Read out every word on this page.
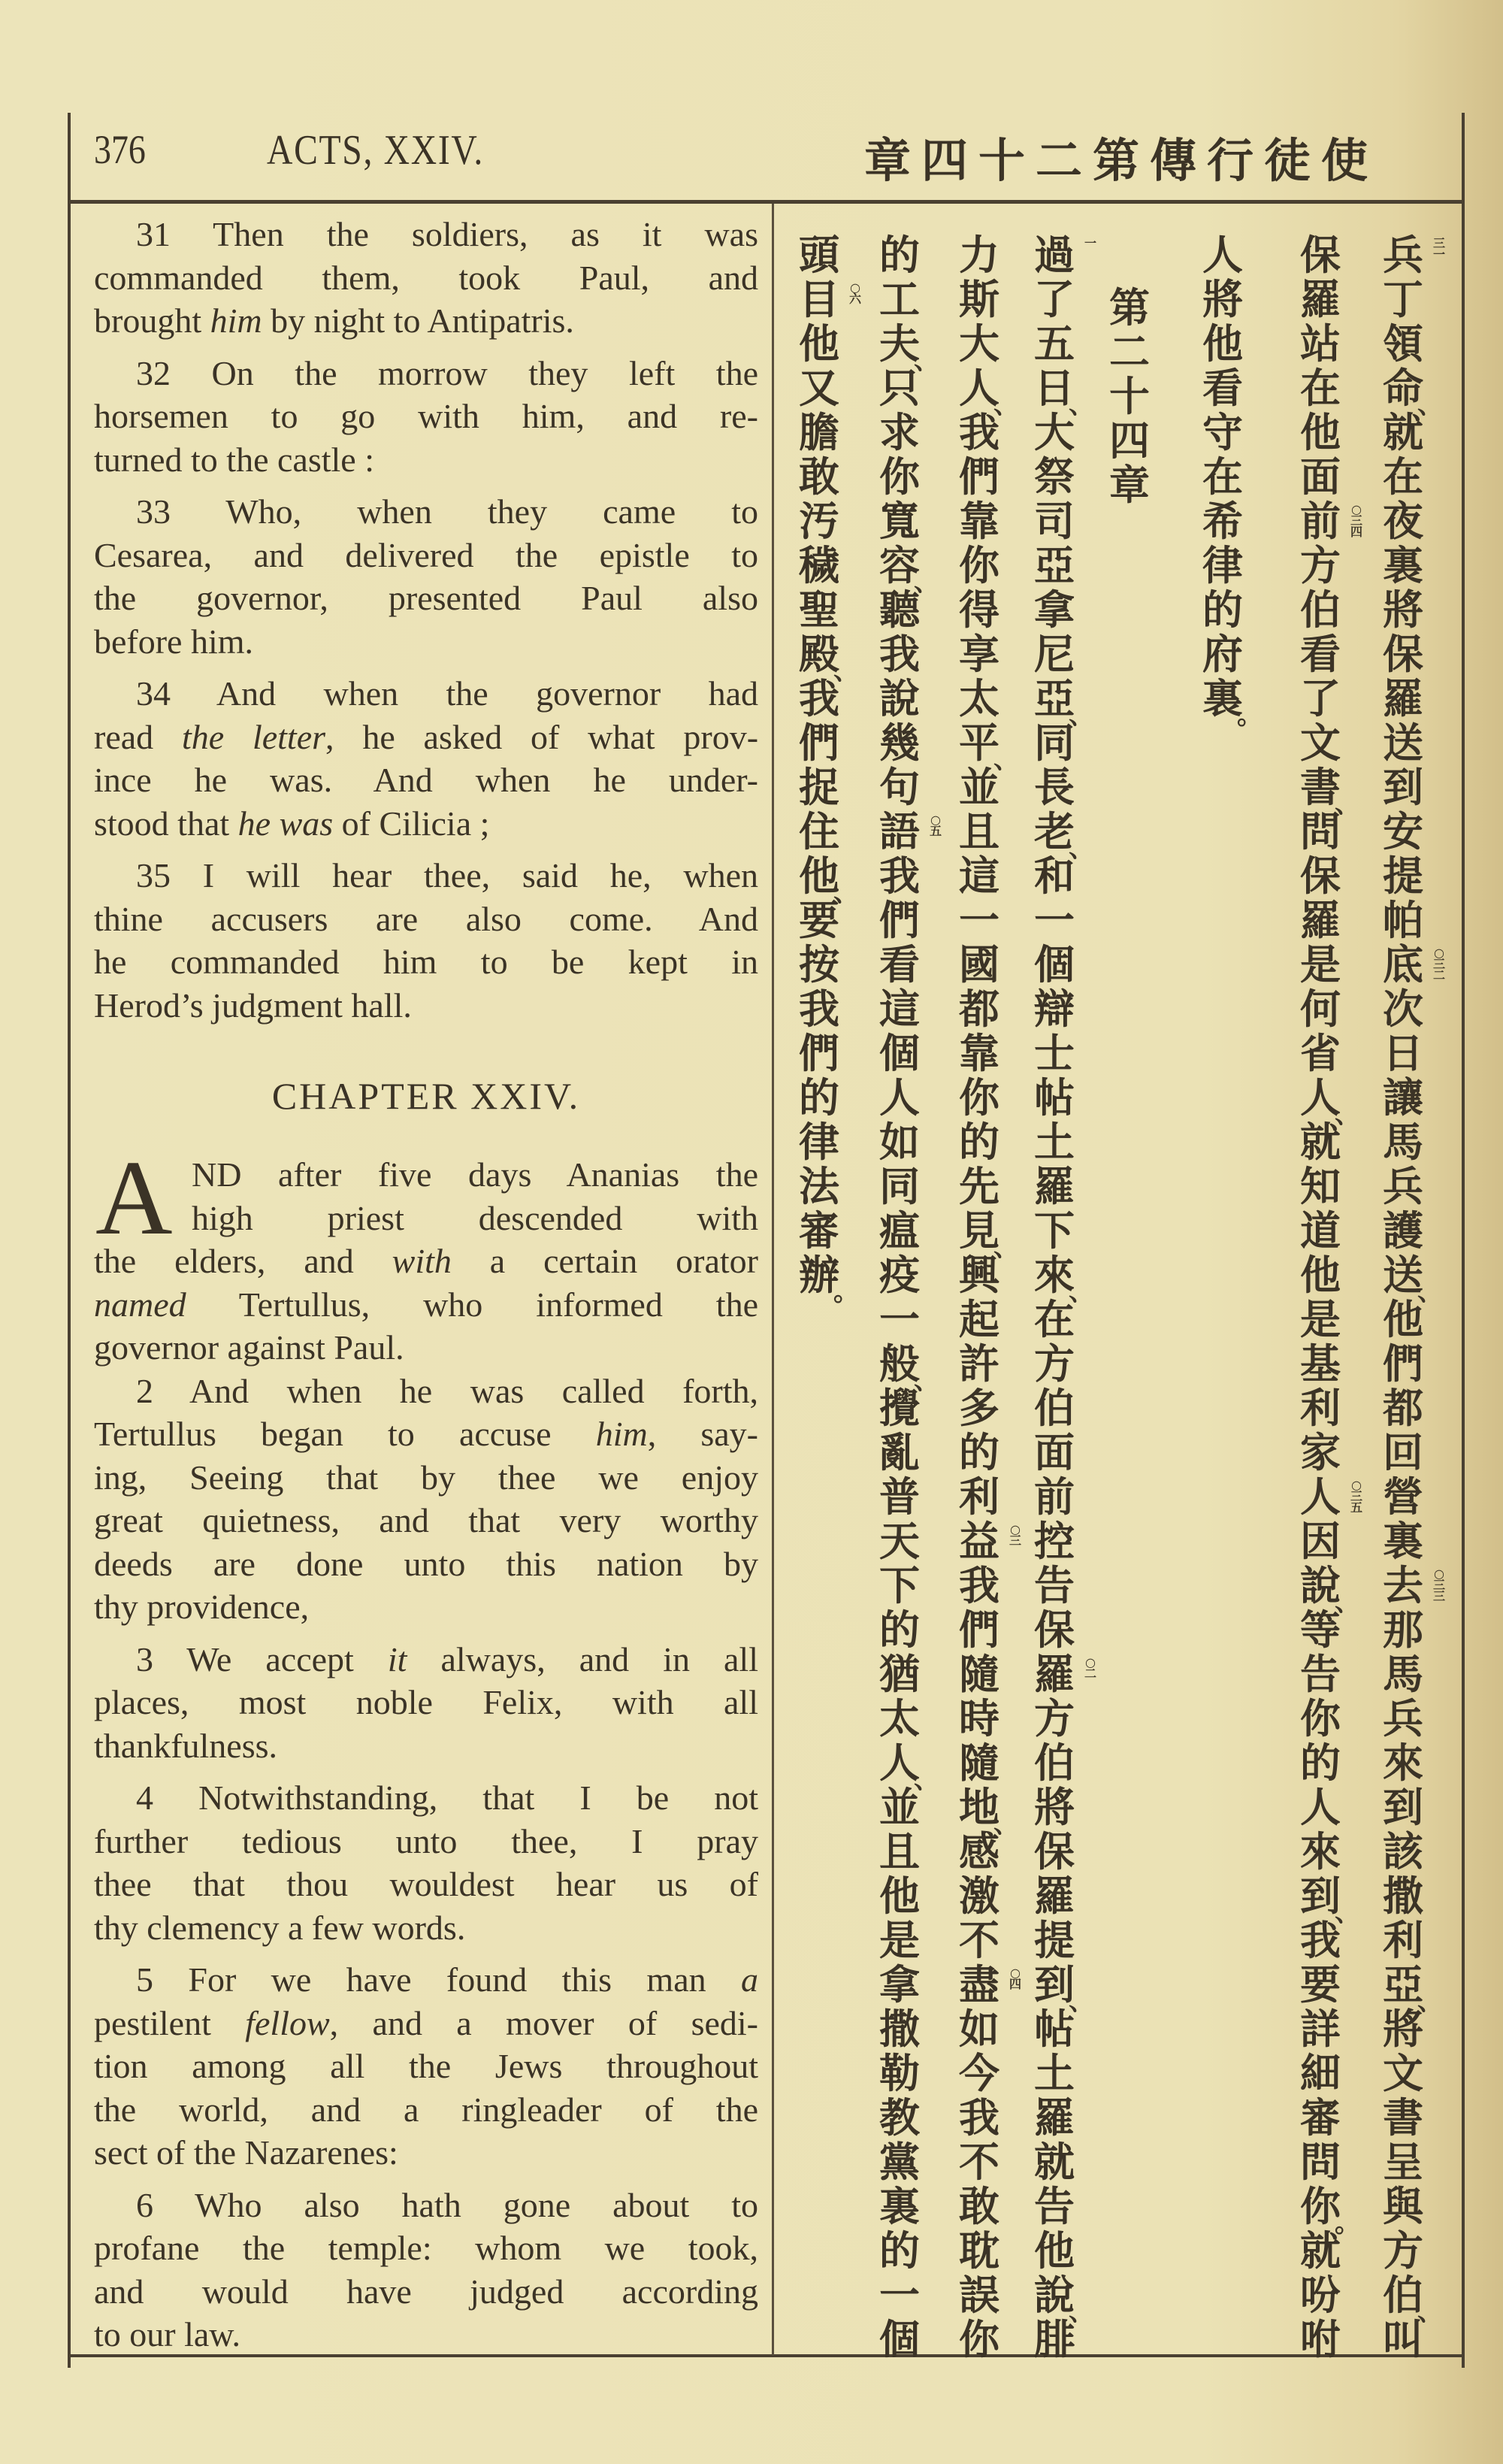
376	ACTS, XXIV.	使徒行傳第二十四章
31 Then the soldiers, as it was
commanded them, took Paul, and
brought him by night to Antipatris.
32 On the morrow they left the
horsemen to go with him, and re-
turned to the castle :
33 Who, when they came to
Cesarea, and delivered the epistle to
the governor, presented Paul also
before him.
34 And when the governor had
read the letter, he asked of what prov-
ince he was. And when he under-
stood that he was of Cilicia ;
35 I will hear thee, said he, when
thine accusers are also come. And
he commanded him to be kept in
Herod’s judgment hall.
CHAPTER XXIV.
A ND after five days Ananias the
high priest descended with
the elders, and with a certain orator
named Tertullus, who informed the
governor against Paul.
2 And when he was called forth,
Tertullus began to accuse him, say-
ing, Seeing that by thee we enjoy
great quietness, and that very worthy
deeds are done unto this nation by
thy providence,
3 We accept it always, and in all
places, most noble Felix, with all
thankfulness.
4 Notwithstanding, that I be not
further tedious unto thee, I pray
thee that thou wouldest hear us of
thy clemency a few words.
5 For we have found this man a
pestilent fellow, and a mover of sedi-
tion among all the Jews throughout
the world, and a ringleader of the
sect of the Nazarenes:
6 Who also hath gone about to
profane the temple: whom we took,
and would have judged according
to our law.
三一
兵
丁
領
命
、
就
在
夜
裏
將
保
羅
送
到
安
提
帕
底 ○三二
次
日
讓
馬
兵
護
送
、
他
們
都
回
營
裏
去 ○三三
那
馬
兵
來
到
該
撒
利
亞
、
將
文
書
呈
與
方
伯
、
叫
保
羅
站
在
他
面
前 ○三四
方
伯
看
了
文
書
、
問
保
羅
是
何
省
人
、
就
知
道
他
是
基
利
家
人 ○三五
因
說
、
等
告
你
的
人
來
到
、
我
要
詳
細
審
問
你
。
就
吩
咐
人
將
他
看
守
在
希
律
的
府
裏
。
第
二
十
四
章
一
過
了
五
日
、
大
祭
司
亞
拿
尼
亞
、
同
長
老
、
和
一
個
辯
士
帖
土
羅
下
來
、
在
方
伯
面
前
控
告
保
羅 ○二
方
伯
將
保
羅
提
到
、
帖
土
羅
就
告
他
說
、
腓
力
斯
大
人
、
我
們
靠
你
得
享
太
平
、
並
且
這
一
國
都
靠
你
的
先
見
、
興
起
許
多
的
利
益 ○三
我
們
隨
時
隨
地
、
感
激
不
盡 ○四
如
今
我
不
敢
耽
誤
你
的
工
夫
、
只
求
你
寬
容
、
聽
我
說
幾
句
語 ○五
我
們
看
這
個
人
如
同
瘟
疫
一
般
、
攪
亂
普
天
下
的
猶
太
人
、
並
且
他
是
拿
撒
勒
教
黨
裏
的
一
個
頭
目 ○六
他
又
膽
敢
汚
穢
聖
殿
、
我
們
捉
住
他
、
要
按
我
們
的
律
法
審
辦
。
